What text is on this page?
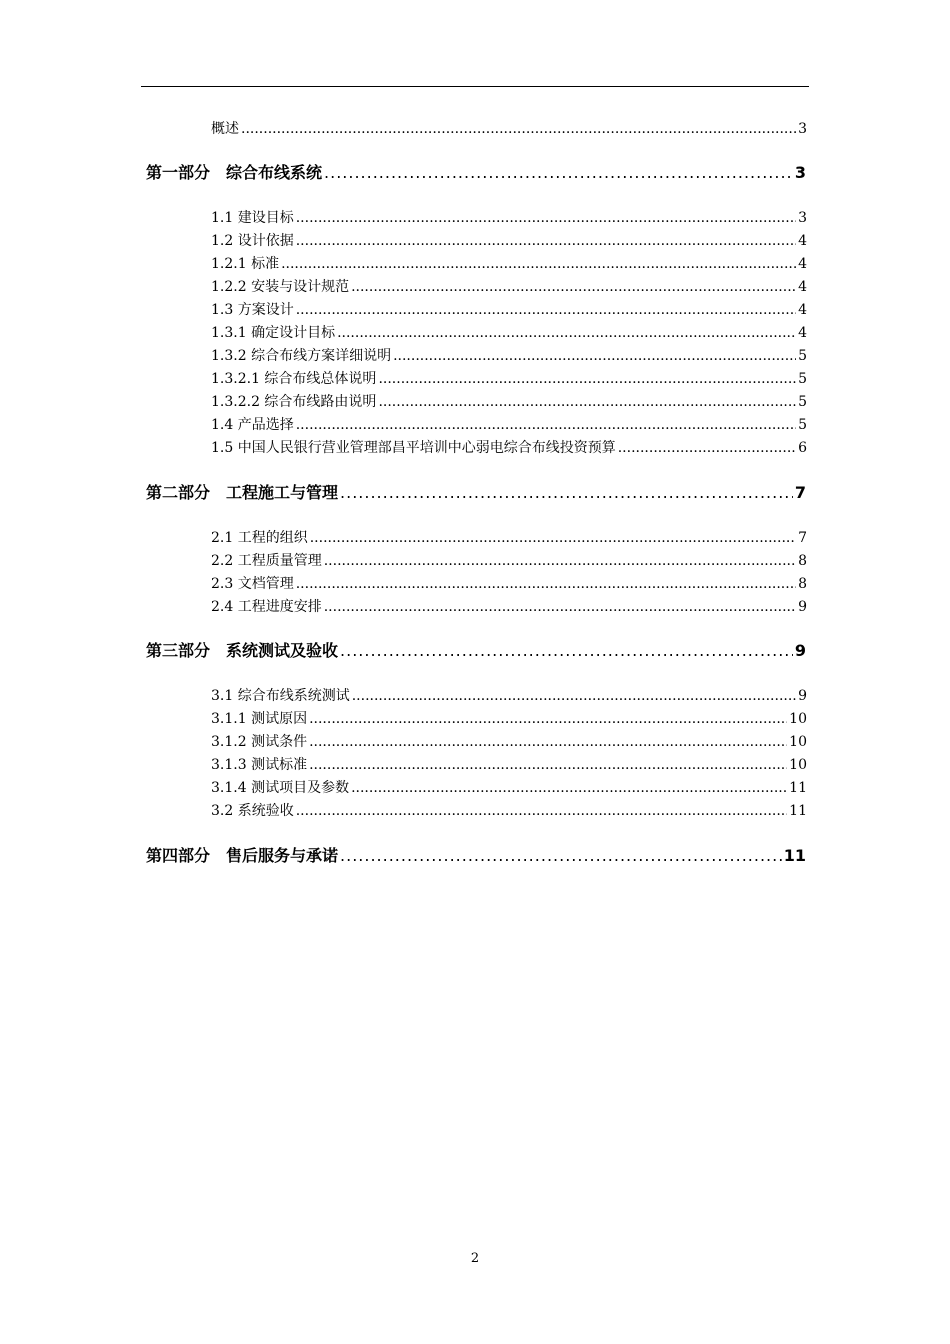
概述 .....	3
第一部分　综合布线系统 .....	3
1.1 建设目标 .....	3
1.2 设计依据 .....	4
1.2.1 标准 .....	4
1.2.2 安装与设计规范 .....	4
1.3 方案设计 .....	4
1.3.1 确定设计目标 .....	4
1.3.2 综合布线方案详细说明 .....	5
1.3.2.1 综合布线总体说明 .....	5
1.3.2.2 综合布线路由说明 .....	5
1.4 产品选择 .....	5
1.5 中国人民银行营业管理部昌平培训中心弱电综合布线投资预算 .....	6
第二部分　工程施工与管理 .....	7
2.1 工程的组织 .....	7
2.2 工程质量管理 .....	8
2.3 文档管理 .....	8
2.4 工程进度安排 .....	9
第三部分　系统测试及验收 .....	9
3.1 综合布线系统测试 .....	9
3.1.1 测试原因 .....	10
3.1.2 测试条件 .....	10
3.1.3 测试标准 .....	10
3.1.4 测试项目及参数 .....	11
3.2 系统验收 .....	11
第四部分　售后服务与承诺 .....	11
2
